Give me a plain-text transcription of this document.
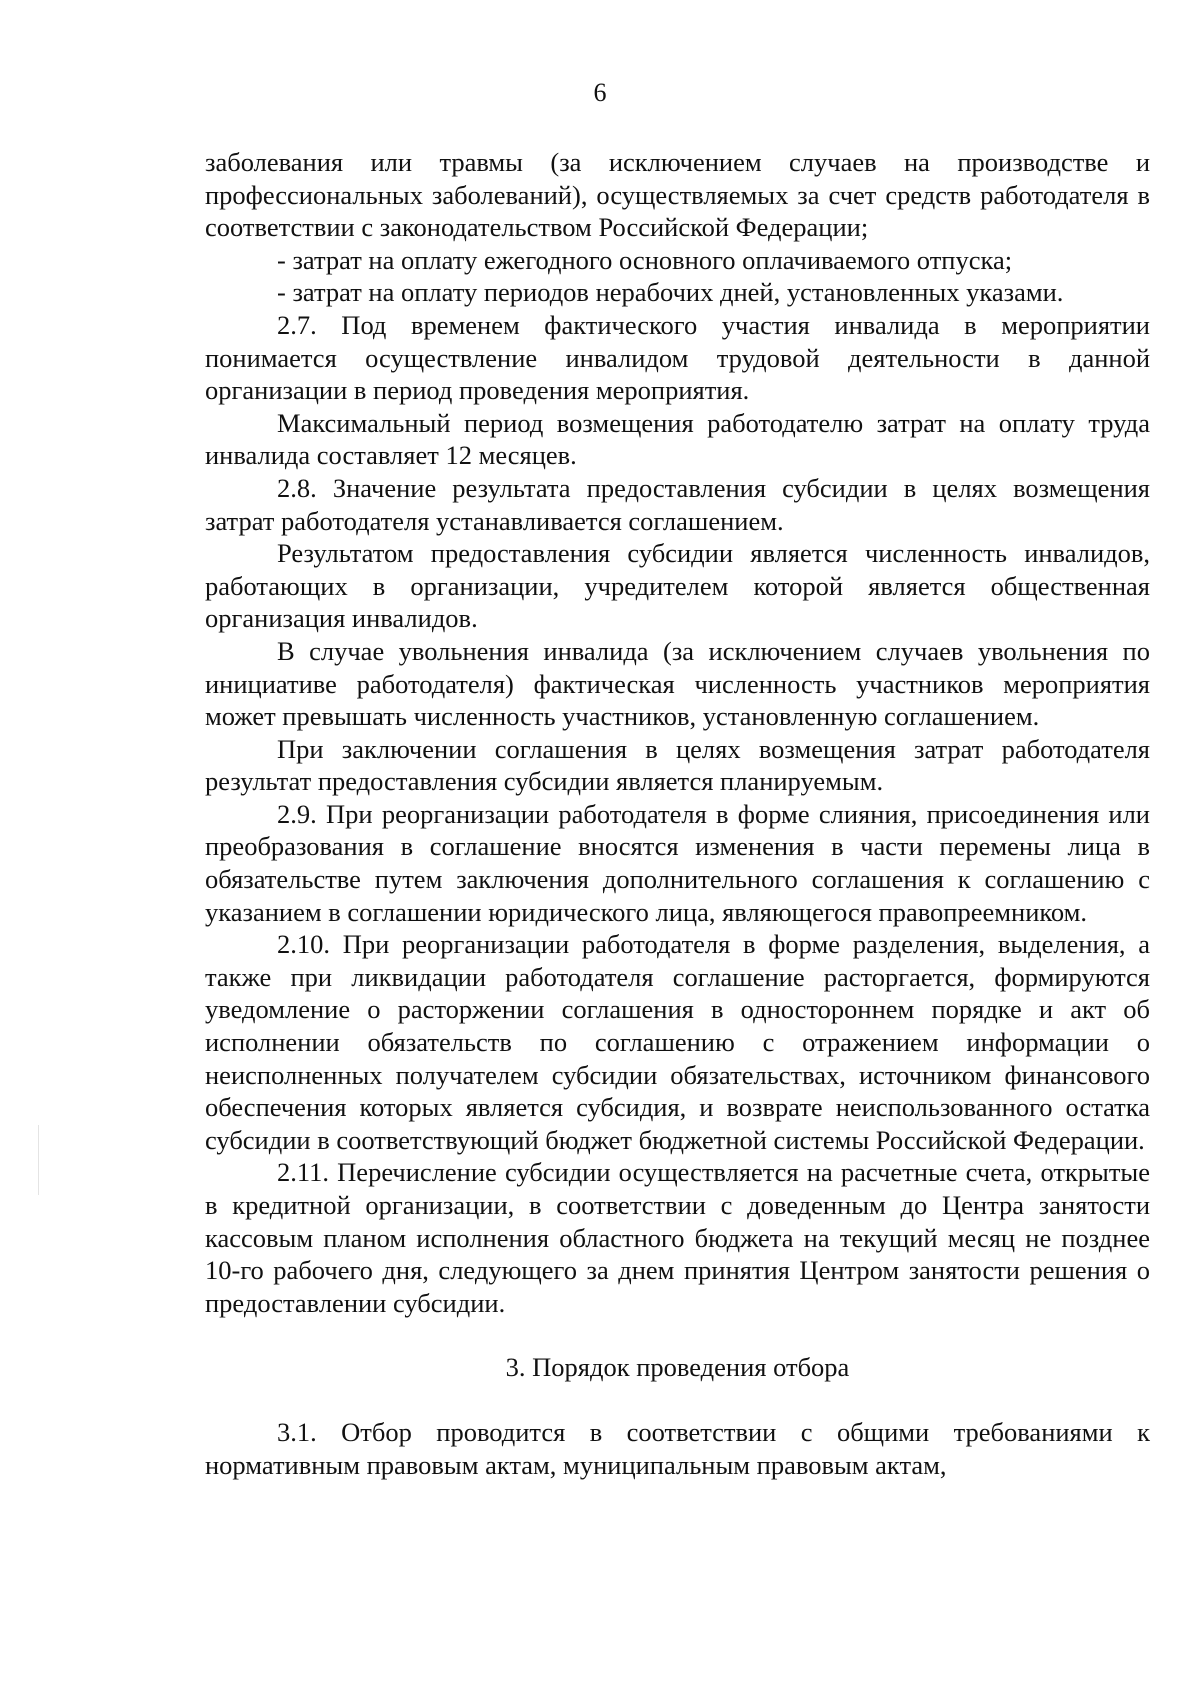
6

заболевания или травмы (за исключением случаев на производстве и профессиональных заболеваний), осуществляемых за счет средств работодателя в соответствии с законодательством Российской Федерации;

- затрат на оплату ежегодного основного оплачиваемого отпуска;

- затрат на оплату периодов нерабочих дней, установленных указами.

2.7. Под временем фактического участия инвалида в мероприятии понимается осуществление инвалидом трудовой деятельности в данной организации в период проведения мероприятия.

Максимальный период возмещения работодателю затрат на оплату труда инвалида составляет 12 месяцев.

2.8. Значение результата предоставления субсидии в целях возмещения затрат работодателя устанавливается соглашением.

Результатом предоставления субсидии является численность инвалидов, работающих в организации, учредителем которой является общественная организация инвалидов.

В случае увольнения инвалида (за исключением случаев увольнения по инициативе работодателя) фактическая численность участников мероприятия может превышать численность участников, установленную соглашением.

При заключении соглашения в целях возмещения затрат работодателя результат предоставления субсидии является планируемым.

2.9. При реорганизации работодателя в форме слияния, присоединения или преобразования в соглашение вносятся изменения в части перемены лица в обязательстве путем заключения дополнительного соглашения к соглашению с указанием в соглашении юридического лица, являющегося правопреемником.

2.10. При реорганизации работодателя в форме разделения, выделения, а также при ликвидации работодателя соглашение расторгается, формируются уведомление о расторжении соглашения в одностороннем порядке и акт об исполнении обязательств по соглашению с отражением информации о неисполненных получателем субсидии обязательствах, источником финансового обеспечения которых является субсидия, и возврате неиспользованного остатка субсидии в соответствующий бюджет бюджетной системы Российской Федерации.

2.11. Перечисление субсидии осуществляется на расчетные счета, открытые в кредитной организации, в соответствии с доведенным до Центра занятости кассовым планом исполнения областного бюджета на текущий месяц не позднее 10-го рабочего дня, следующего за днем принятия Центром занятости решения о предоставлении субсидии.

3. Порядок проведения отбора

3.1. Отбор проводится в соответствии с общими требованиями к нормативным правовым актам, муниципальным правовым актам,
